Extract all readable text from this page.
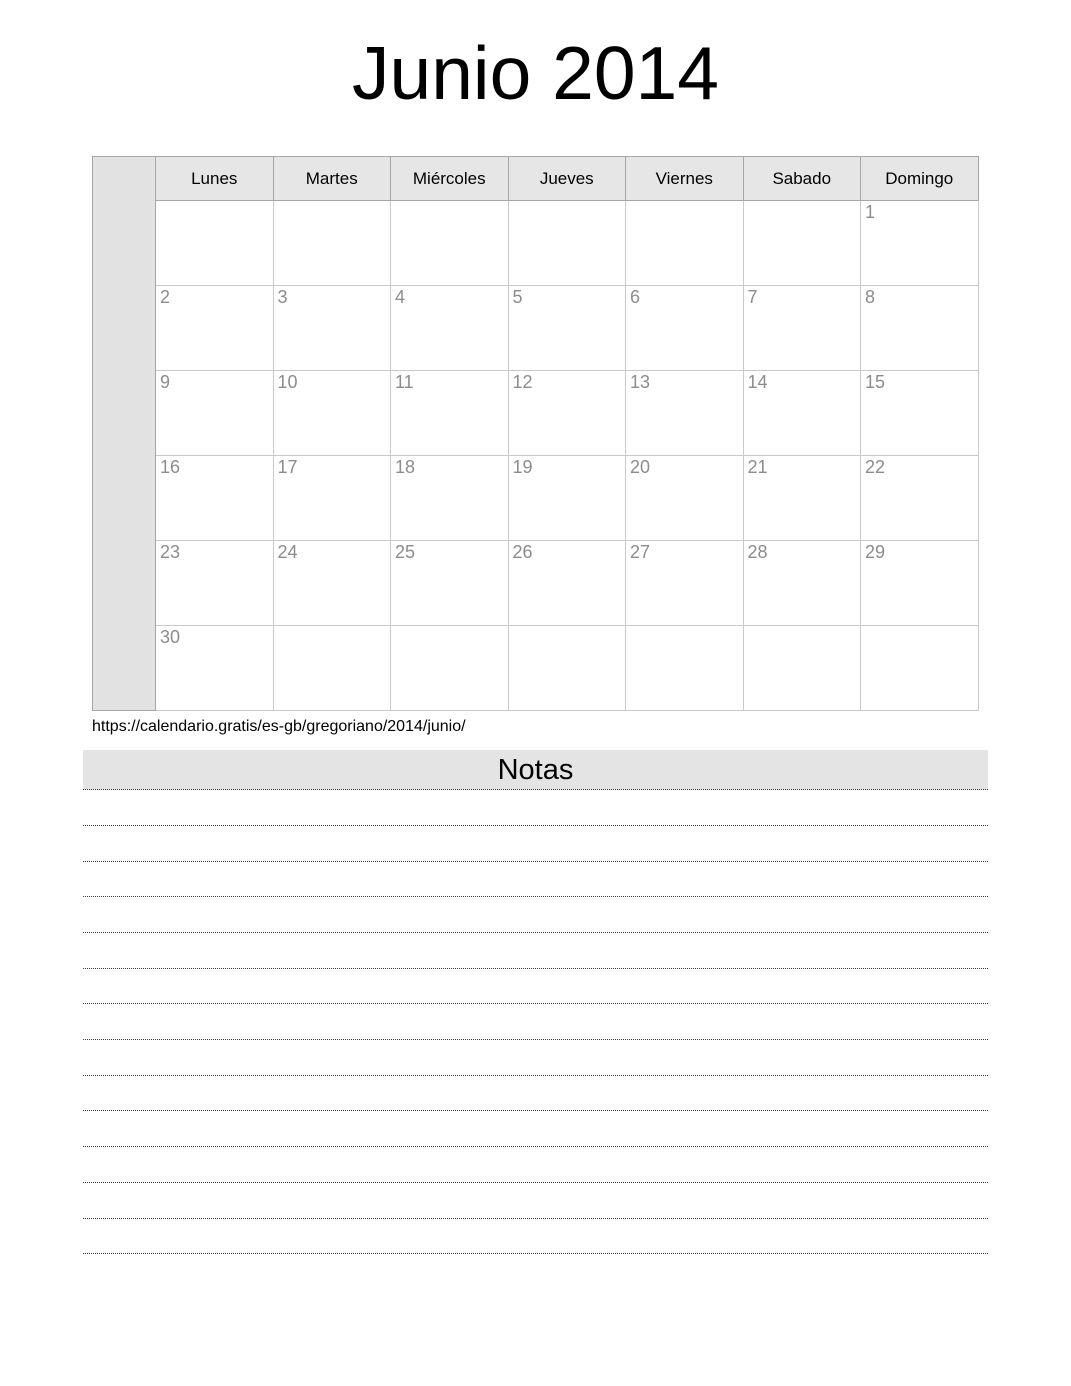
Junio 2014
	Lunes	Martes	Miércoles	Jueves	Viernes	Sabado	Domingo
							1
	2	3	4	5	6	7	8
	9	10	11	12	13	14	15
	16	17	18	19	20	21	22
	23	24	25	26	27	28	29
	30						
https://calendario.gratis/es-gb/gregoriano/2014/junio/
Notas
